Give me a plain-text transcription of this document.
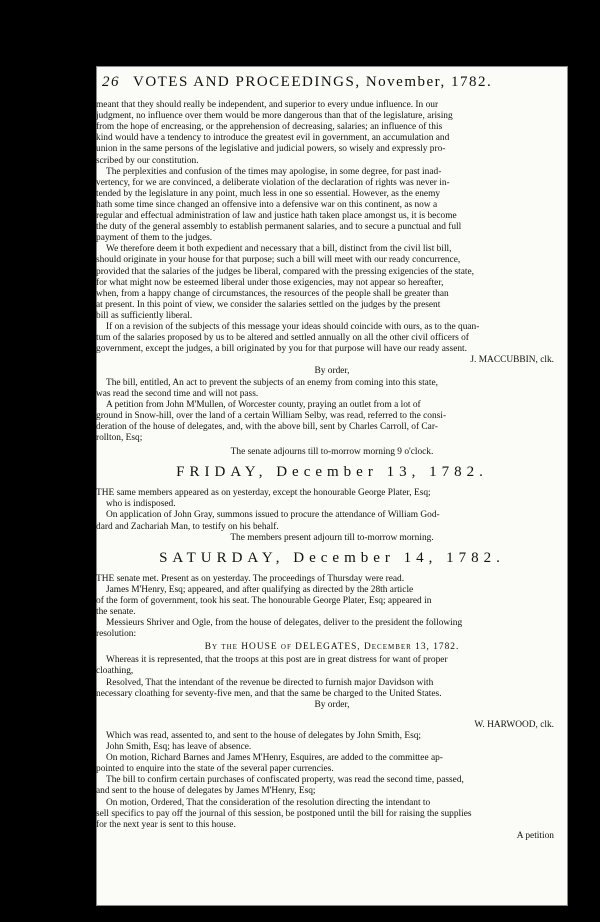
26 VOTES AND PROCEEDINGS, November, 1782.
meant that they should really be independent, and superior to every undue influence. In our
judgment, no influence over them would be more dangerous than that of the legislature, arising
from the hope of encreasing, or the apprehension of decreasing, salaries; an influence of this
kind would have a tendency to introduce the greatest evil in government, an accumulation and
union in the same persons of the legislative and judicial powers, so wisely and expressly pro-
scribed by our constitution.
The perplexities and confusion of the times may apologise, in some degree, for past inad-
vertency, for we are convinced, a deliberate violation of the declaration of rights was never in-
tended by the legislature in any point, much less in one so essential. However, as the enemy
hath some time since changed an offensive into a defensive war on this continent, as now a
regular and effectual administration of law and justice hath taken place amongst us, it is become
the duty of the general assembly to establish permanent salaries, and to secure a punctual and full
payment of them to the judges.
We therefore deem it both expedient and necessary that a bill, distinct from the civil list bill,
should originate in your house for that purpose; such a bill will meet with our ready concurrence,
provided that the salaries of the judges be liberal, compared with the pressing exigencies of the state,
for what might now be esteemed liberal under those exigencies, may not appear so hereafter,
when, from a happy change of circumstances, the resources of the people shall be greater than
at present. In this point of view, we consider the salaries settled on the judges by the present
bill as sufficiently liberal.
If on a revision of the subjects of this message your ideas should coincide with ours, as to the quan-
tum of the salaries proposed by us to be altered and settled annually on all the other civil officers of
government, except the judges, a bill originated by you for that purpose will have our ready assent.
J. MACCUBBIN, clk.
By order,
The bill, entitled, An act to prevent the subjects of an enemy from coming into this state,
was read the second time and will not pass.
A petition from John M'Mullen, of Worcester county, praying an outlet from a lot of
ground in Snow-hill, over the land of a certain William Selby, was read, referred to the consi-
deration of the house of delegates, and, with the above bill, sent by Charles Carroll, of Car-
rollton, Esq;
The senate adjourns till to-morrow morning 9 o'clock.
FRIDAY, December 13, 1782.
THE same members appeared as on yesterday, except the honourable George Plater, Esq;
who is indisposed.
On application of John Gray, summons issued to procure the attendance of William God-
dard and Zachariah Man, to testify on his behalf.
The members present adjourn till to-morrow morning.
SATURDAY, December 14, 1782.
THE senate met. Present as on yesterday. The proceedings of Thursday were read.
James M'Henry, Esq; appeared, and after qualifying as directed by the 28th article
of the form of government, took his seat. The honourable George Plater, Esq; appeared in
the senate.
Messieurs Shriver and Ogle, from the house of delegates, deliver to the president the following
resolution:
By the HOUSE of DELEGATES, December 13, 1782.
Whereas it is represented, that the troops at this post are in great distress for want of proper
cloathing,
Resolved, That the intendant of the revenue be directed to furnish major Davidson with
necessary cloathing for seventy-five men, and that the same be charged to the United States.
By order,
W. HARWOOD, clk.
Which was read, assented to, and sent to the house of delegates by John Smith, Esq;
John Smith, Esq; has leave of absence.
On motion, Richard Barnes and James M'Henry, Esquires, are added to the committee ap-
pointed to enquire into the state of the several paper currencies.
The bill to confirm certain purchases of confiscated property, was read the second time, passed,
and sent to the house of delegates by James M'Henry, Esq;
On motion, Ordered, That the consideration of the resolution directing the intendant to
sell specifics to pay off the journal of this session, be postponed until the bill for raising the supplies
for the next year is sent to this house.
A petition
